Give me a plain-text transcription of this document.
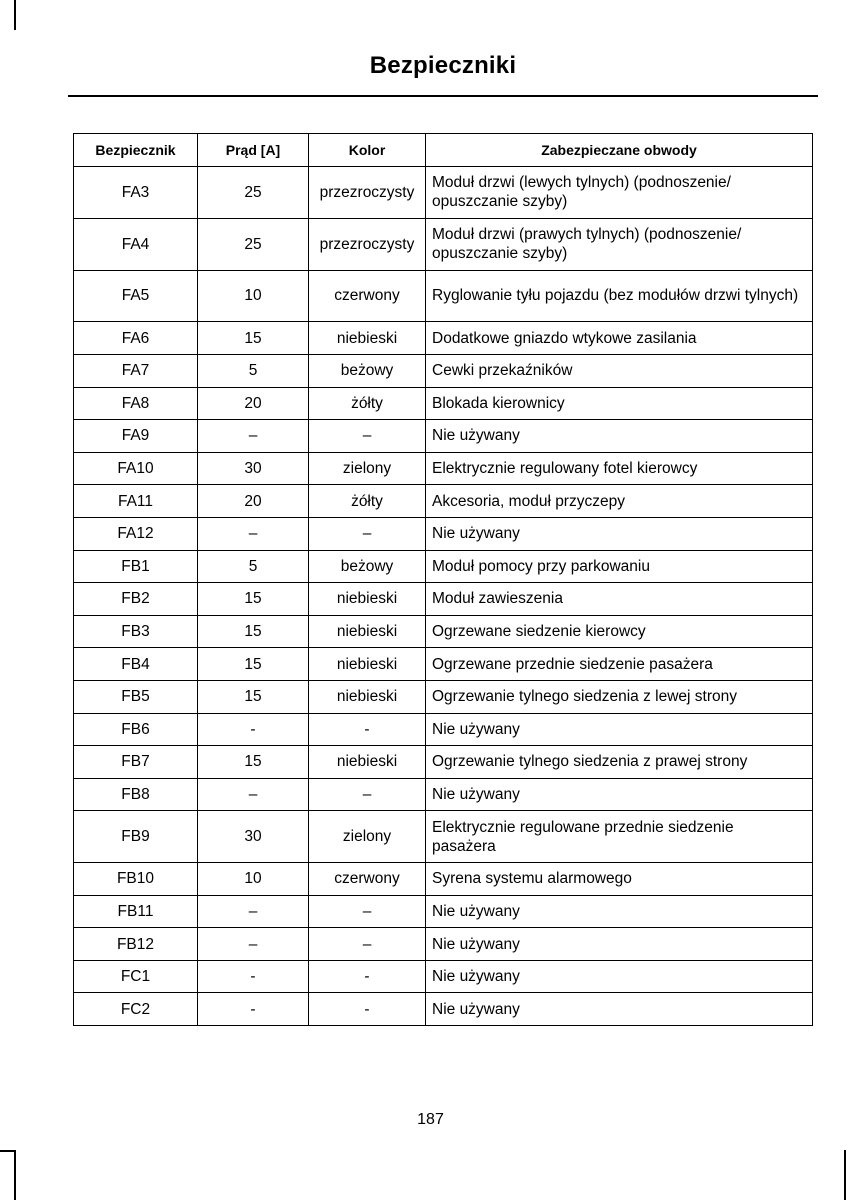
Bezpieczniki
Bezpiecznik	Prąd [A]	Kolor	Zabezpieczane obwody
FA3	25	przezroczysty	Moduł drzwi (lewych tylnych) (podnoszenie/ opuszczanie szyby)
FA4	25	przezroczysty	Moduł drzwi (prawych tylnych) (podnoszenie/ opuszczanie szyby)
FA5	10	czerwony	Ryglowanie tyłu pojazdu (bez modułów drzwi tylnych)
FA6	15	niebieski	Dodatkowe gniazdo wtykowe zasilania
FA7	5	beżowy	Cewki przekaźników
FA8	20	żółty	Blokada kierownicy
FA9	–	–	Nie używany
FA10	30	zielony	Elektrycznie regulowany fotel kierowcy
FA11	20	żółty	Akcesoria, moduł przyczepy
FA12	–	–	Nie używany
FB1	5	beżowy	Moduł pomocy przy parkowaniu
FB2	15	niebieski	Moduł zawieszenia
FB3	15	niebieski	Ogrzewane siedzenie kierowcy
FB4	15	niebieski	Ogrzewane przednie siedzenie pasażera
FB5	15	niebieski	Ogrzewanie tylnego siedzenia z lewej strony
FB6	-	-	Nie używany
FB7	15	niebieski	Ogrzewanie tylnego siedzenia z prawej strony
FB8	–	–	Nie używany
FB9	30	zielony	Elektrycznie regulowane przednie siedzenie pasażera
FB10	10	czerwony	Syrena systemu alarmowego
FB11	–	–	Nie używany
FB12	–	–	Nie używany
FC1	-	-	Nie używany
FC2	-	-	Nie używany
187
